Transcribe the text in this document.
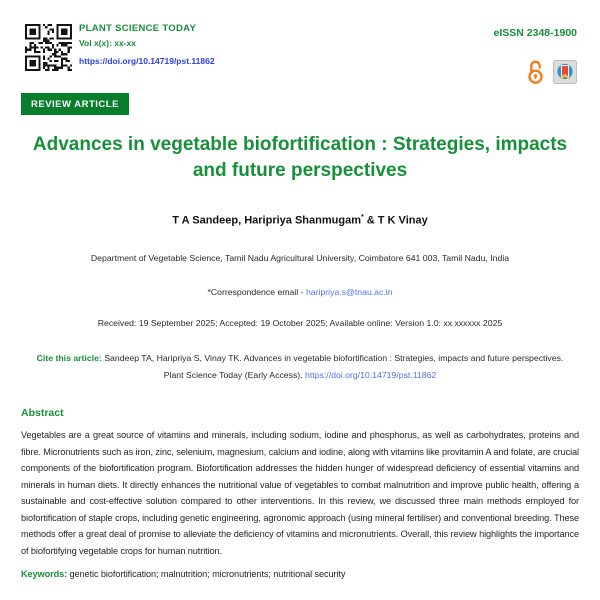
PLANT SCIENCE TODAY
Vol x(x): xx-xx
https://doi.org/10.14719/pst.11862
eISSN 2348-1900
REVIEW ARTICLE
Advances in vegetable biofortification : Strategies, impacts and future perspectives
T A Sandeep, Haripriya Shanmugam* & T K Vinay
Department of Vegetable Science, Tamil Nadu Agricultural University, Coimbatore 641 003, Tamil Nadu, India
*Correspondence email - haripriya.s@tnau.ac.in
Received: 19 September 2025; Accepted: 19 October 2025; Available online: Version 1.0: xx xxxxxx 2025
Cite this article: Sandeep TA, Haripriya S, Vinay TK. Advances in vegetable biofortification : Strategies, impacts and future perspectives. Plant Science Today (Early Access). https://doi.org/10.14719/pst.11862
Abstract

Vegetables are a great source of vitamins and minerals, including sodium, iodine and phosphorus, as well as carbohydrates, proteins and fibre. Micronutrients such as iron, zinc, selenium, magnesium, calcium and iodine, along with vitamins like provitamin A and folate, are crucial components of the biofortification program. Biofortification addresses the hidden hunger of widespread deficiency of essential vitamins and minerals in human diets. It directly enhances the nutritional value of vegetables to combat malnutrition and improve public health, offering a sustainable and cost-effective solution compared to other interventions. In this review, we discussed three main methods employed for biofortification of staple crops, including genetic engineering, agronomic approach (using mineral fertiliser) and conventional breeding. These methods offer a great deal of promise to alleviate the deficiency of vitamins and micronutrients. Overall, this review highlights the importance of biofortifying vegetable crops for human nutrition.

Keywords: genetic biofortification; malnutrition; micronutrients; nutritional security
